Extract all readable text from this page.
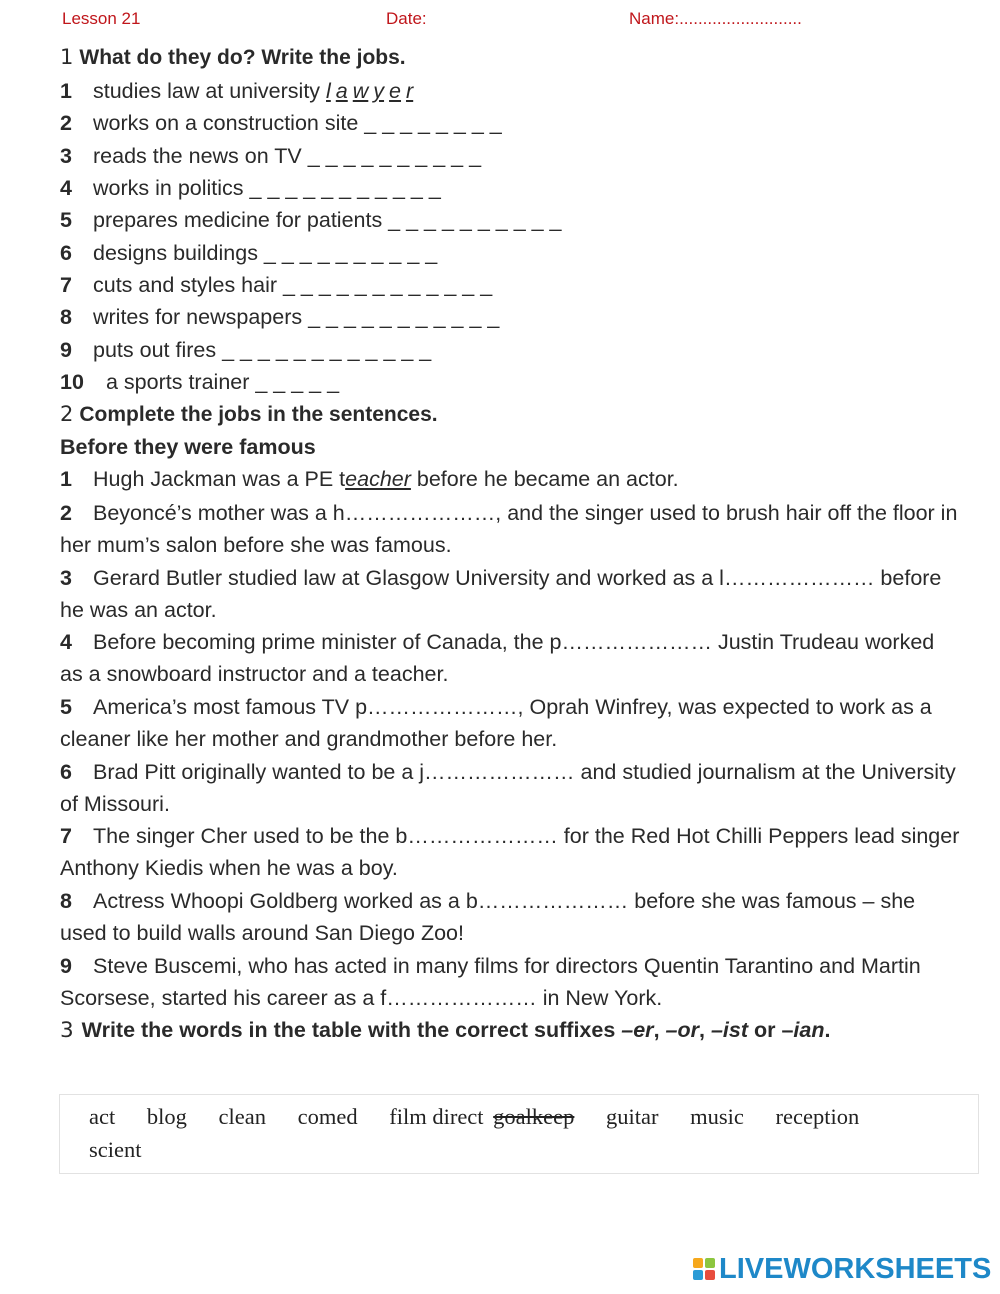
Lesson 21	Date:	Name:..........................
1 What do they do? Write the jobs.
1 studies law at university l a w y e r
2 works on a construction site _ _ _ _ _ _ _ _
3 reads the news on TV _ _ _ _ _ _ _ _ _ _
4 works in politics _ _ _ _ _ _ _ _ _ _ _
5 prepares medicine for patients _ _ _ _ _ _ _ _ _ _
6 designs buildings _ _ _ _ _ _ _ _ _ _
7 cuts and styles hair _ _ _ _ _ _ _ _ _ _ _ _
8 writes for newspapers _ _ _ _ _ _ _ _ _ _ _
9 puts out fires _ _ _ _ _ _ _ _ _ _ _ _
10 a sports trainer _ _ _ _ _
2 Complete the jobs in the sentences.
Before they were famous
1 Hugh Jackman was a PE teacher before he became an actor.
2 Beyoncé’s mother was a h…………………, and the singer used to brush hair off the floor in her mum’s salon before she was famous.
3 Gerard Butler studied law at Glasgow University and worked as a l………………… before he was an actor.
4 Before becoming prime minister of Canada, the p………………… Justin Trudeau worked as a snowboard instructor and a teacher.
5 America’s most famous TV p…………………, Oprah Winfrey, was expected to work as a cleaner like her mother and grandmother before her.
6 Brad Pitt originally wanted to be a j………………… and studied journalism at the University of Missouri.
7 The singer Cher used to be the b………………… for the Red Hot Chilli Peppers lead singer Anthony Kiedis when he was a boy.
8 Actress Whoopi Goldberg worked as a b………………… before she was famous – she used to build walls around San Diego Zoo!
9 Steve Buscemi, who has acted in many films for directors Quentin Tarantino and Martin Scorsese, started his career as a f………………… in New York.
3 Write the words in the table with the correct suffixes –er, –or, –ist or –ian.
act blog clean comed film direct goalkeep guitar music reception scient
LIVEWORKSHEETS
